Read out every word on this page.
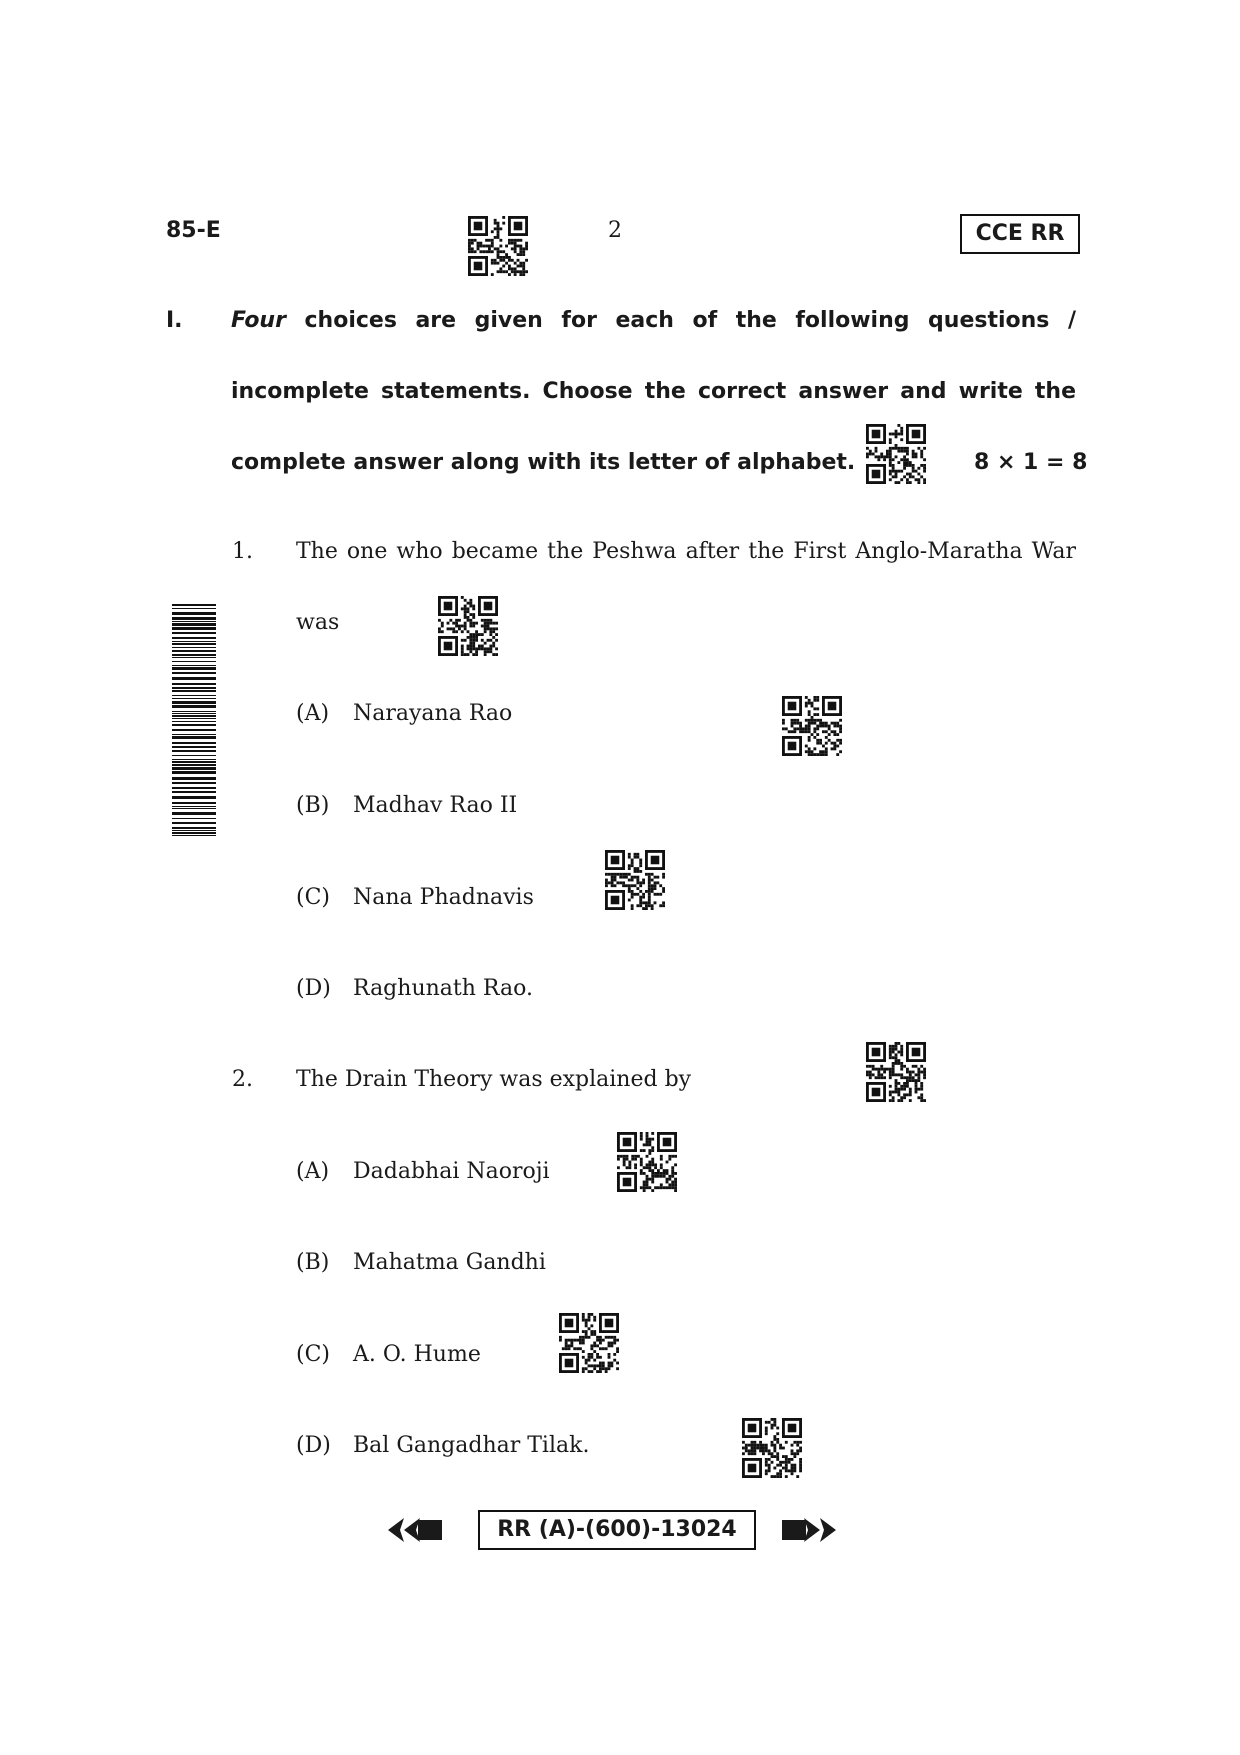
85-E	2	CCE RR
I. Four choices are given for each of the following questions /
incomplete statements. Choose the correct answer and write the
complete answer along with its letter of alphabet.	8 × 1 = 8
1. The one who became the Peshwa after the First Anglo-Maratha War
was
(A) Narayana Rao
(B) Madhav Rao II
(C) Nana Phadnavis
(D) Raghunath Rao.
2. The Drain Theory was explained by
(A) Dadabhai Naoroji
(B) Mahatma Gandhi
(C) A. O. Hume
(D) Bal Gangadhar Tilak.
RR (A)-(600)-13024
